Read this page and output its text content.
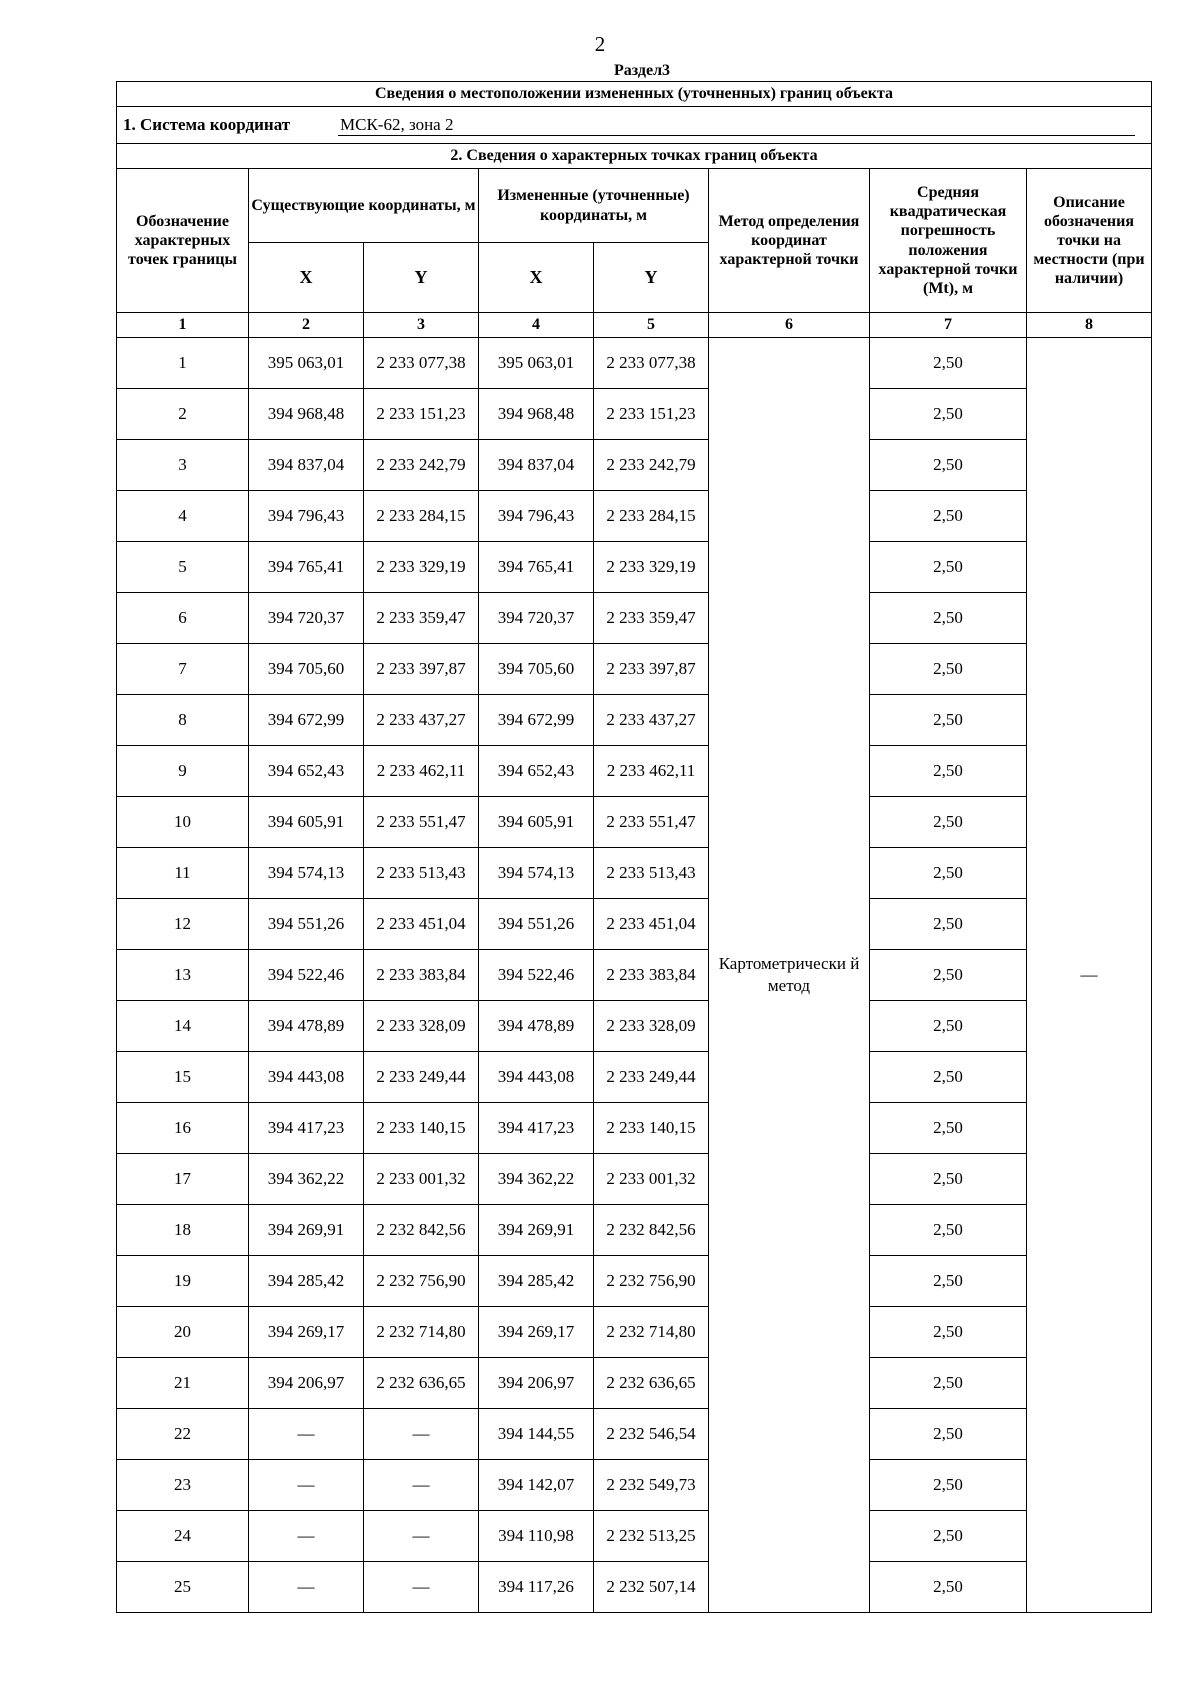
2
Раздел3
Сведения о местоположении измененных (уточненных) границ объекта							
1. Система координат МСК-62, зона 2							
2. Сведения о характерных точках границ объекта							
Обозначение характерных точек границы	Существующие координаты, м		Измененные (уточненные) координаты, м		Метод определения координат характерной точки	Средняя квадратическая погрешность положения характерной точки (Mt), м	Описание обозначения точки на местности (при наличии)
	X	Y	X	Y			
1	2	3	4	5	6	7	8
1	395 063,01	2 233 077,38	395 063,01	2 233 077,38	Картометрически й метод	2,50	—
2	394 968,48	2 233 151,23	394 968,48	2 233 151,23		2,50	
3	394 837,04	2 233 242,79	394 837,04	2 233 242,79		2,50	
4	394 796,43	2 233 284,15	394 796,43	2 233 284,15		2,50	
5	394 765,41	2 233 329,19	394 765,41	2 233 329,19		2,50	
6	394 720,37	2 233 359,47	394 720,37	2 233 359,47		2,50	
7	394 705,60	2 233 397,87	394 705,60	2 233 397,87		2,50	
8	394 672,99	2 233 437,27	394 672,99	2 233 437,27		2,50	
9	394 652,43	2 233 462,11	394 652,43	2 233 462,11		2,50	
10	394 605,91	2 233 551,47	394 605,91	2 233 551,47		2,50	
11	394 574,13	2 233 513,43	394 574,13	2 233 513,43		2,50	
12	394 551,26	2 233 451,04	394 551,26	2 233 451,04		2,50	
13	394 522,46	2 233 383,84	394 522,46	2 233 383,84		2,50	
14	394 478,89	2 233 328,09	394 478,89	2 233 328,09		2,50	
15	394 443,08	2 233 249,44	394 443,08	2 233 249,44		2,50	
16	394 417,23	2 233 140,15	394 417,23	2 233 140,15		2,50	
17	394 362,22	2 233 001,32	394 362,22	2 233 001,32		2,50	
18	394 269,91	2 232 842,56	394 269,91	2 232 842,56		2,50	
19	394 285,42	2 232 756,90	394 285,42	2 232 756,90		2,50	
20	394 269,17	2 232 714,80	394 269,17	2 232 714,80		2,50	
21	394 206,97	2 232 636,65	394 206,97	2 232 636,65		2,50	
22	—	—	394 144,55	2 232 546,54		2,50	
23	—	—	394 142,07	2 232 549,73		2,50	
24	—	—	394 110,98	2 232 513,25		2,50	
25	—	—	394 117,26	2 232 507,14		2,50	
